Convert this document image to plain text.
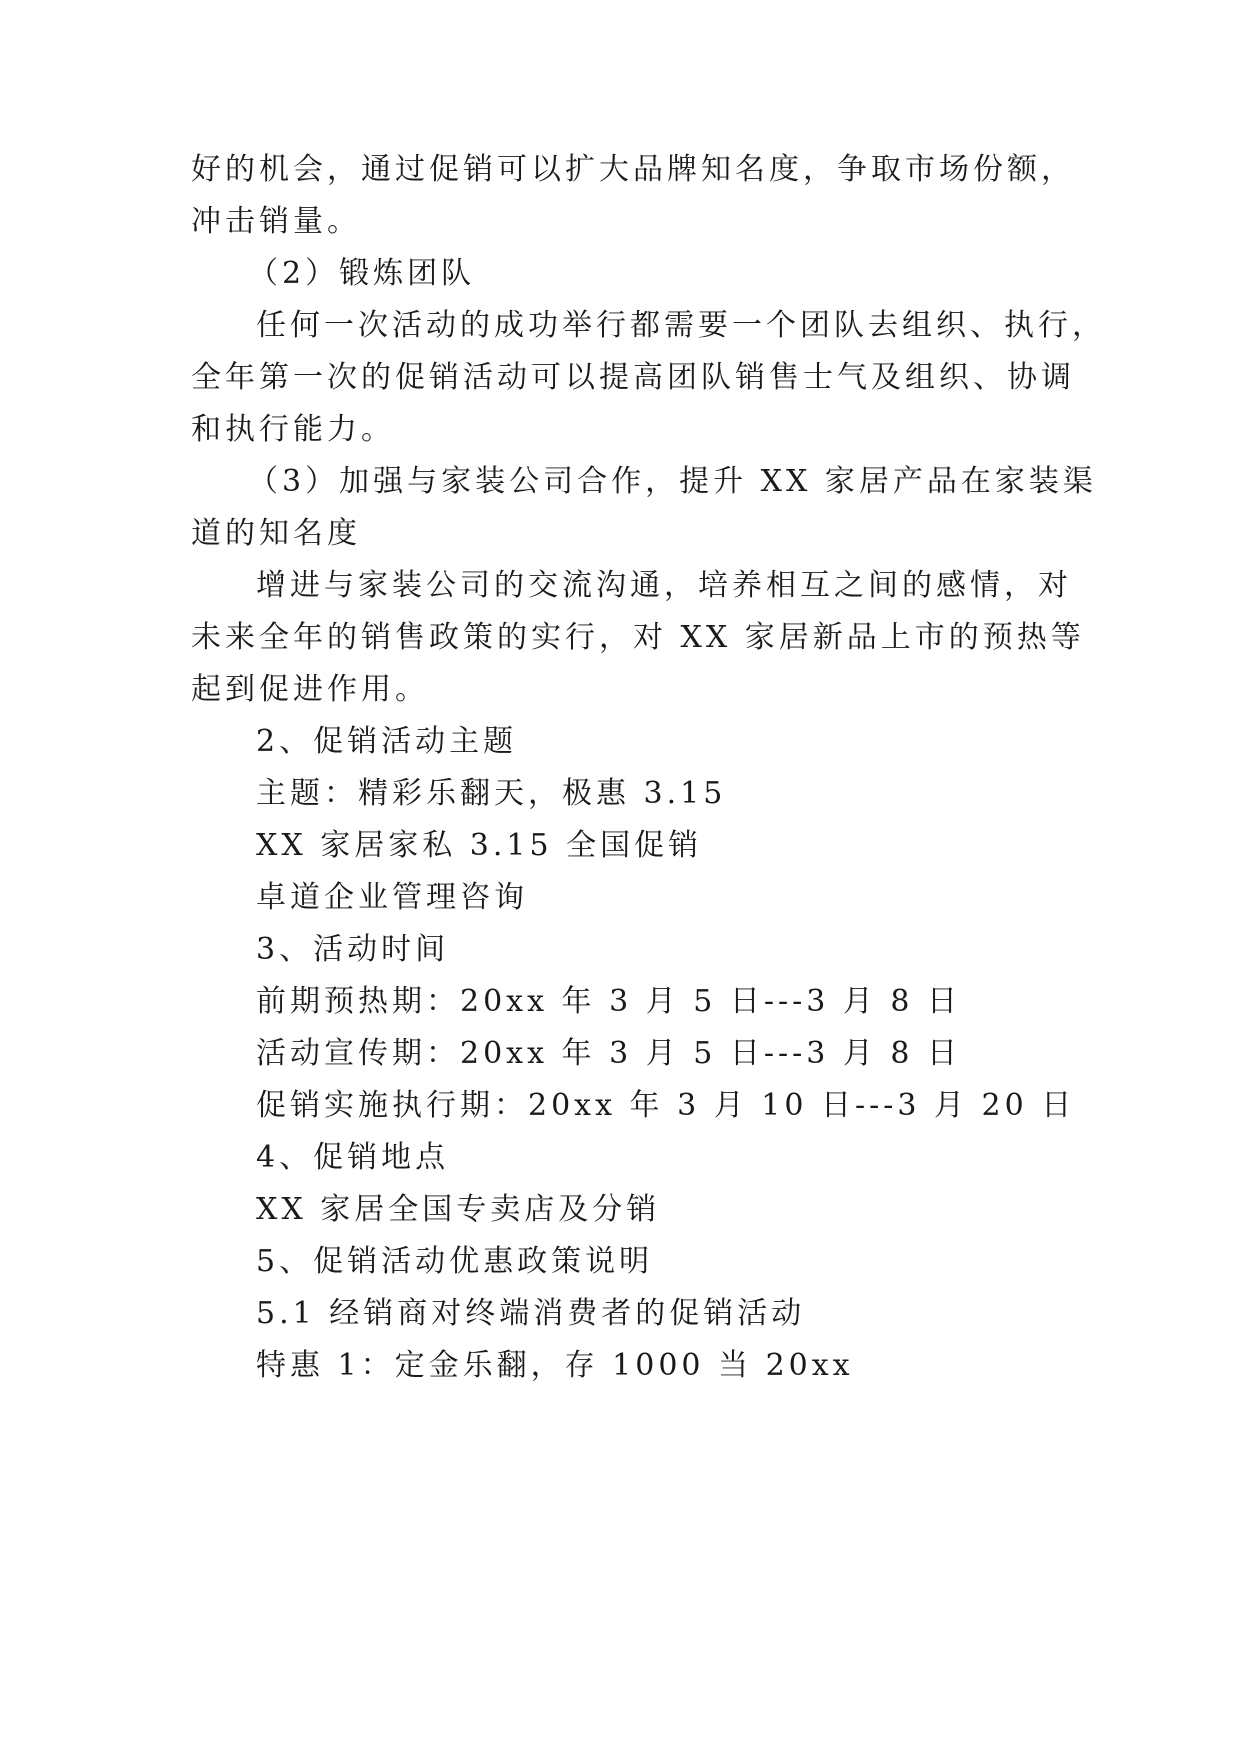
好的机会，通过促销可以扩大品牌知名度，争取市场份额，
冲击销量。
（2）锻炼团队
任何一次活动的成功举行都需要一个团队去组织、执行，
全年第一次的促销活动可以提高团队销售士气及组织、协调
和执行能力。
（3）加强与家装公司合作，提升 XX 家居产品在家装渠
道的知名度
增进与家装公司的交流沟通，培养相互之间的感情，对
未来全年的销售政策的实行，对 XX 家居新品上市的预热等
起到促进作用。
2、促销活动主题
主题：精彩乐翻天，极惠 3.15
XX 家居家私 3.15 全国促销
卓道企业管理咨询
3、活动时间
前期预热期：20xx 年 3 月 5 日---3 月 8 日
活动宣传期：20xx 年 3 月 5 日---3 月 8 日
促销实施执行期：20xx 年 3 月 10 日---3 月 20 日
4、促销地点
XX 家居全国专卖店及分销
5、促销活动优惠政策说明
5.1 经销商对终端消费者的促销活动
特惠 1：定金乐翻，存 1000 当 20xx
